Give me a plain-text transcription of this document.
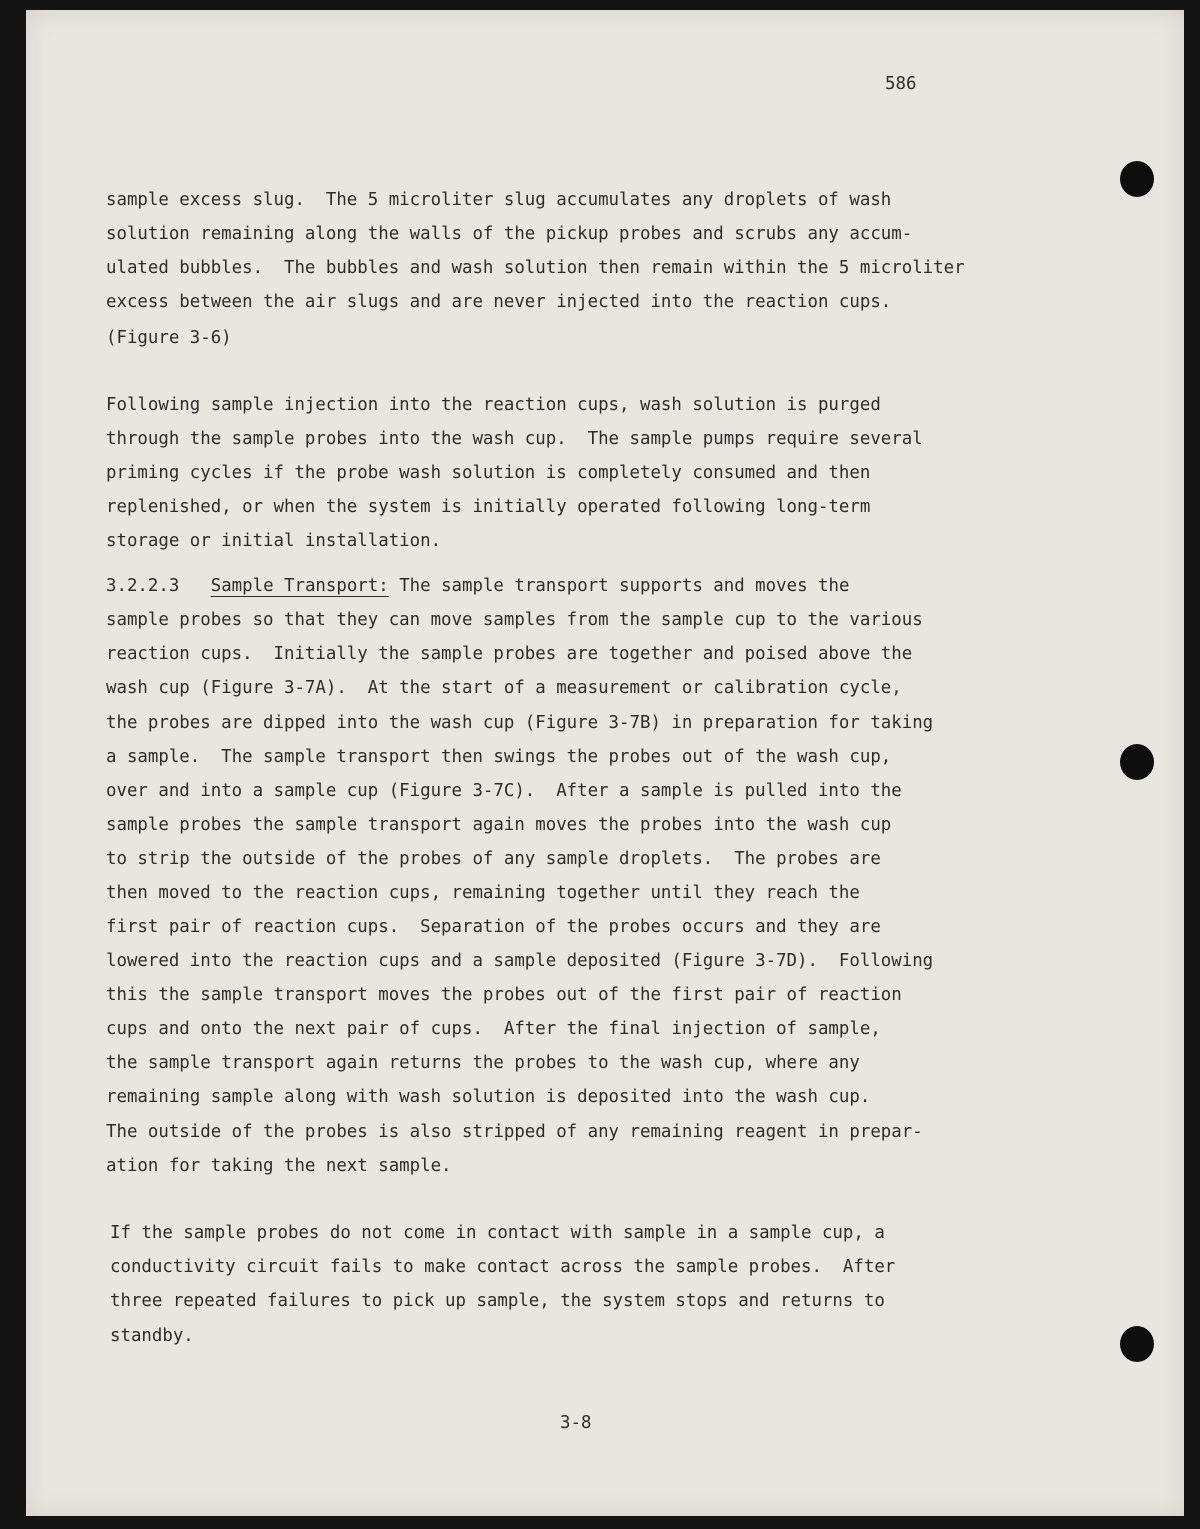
586
sample excess slug.  The 5 microliter slug accumulates any droplets of wash
solution remaining along the walls of the pickup probes and scrubs any accum-
ulated bubbles.  The bubbles and wash solution then remain within the 5 microliter
excess between the air slugs and are never injected into the reaction cups.
(Figure 3-6)
Following sample injection into the reaction cups, wash solution is purged
through the sample probes into the wash cup.  The sample pumps require several
priming cycles if the probe wash solution is completely consumed and then
replenished, or when the system is initially operated following long-term
storage or initial installation.
3.2.2.3 Sample Transport: The sample transport supports and moves the
sample probes so that they can move samples from the sample cup to the various
reaction cups.  Initially the sample probes are together and poised above the
wash cup (Figure 3-7A).  At the start of a measurement or calibration cycle,
the probes are dipped into the wash cup (Figure 3-7B) in preparation for taking
a sample.  The sample transport then swings the probes out of the wash cup,
over and into a sample cup (Figure 3-7C).  After a sample is pulled into the
sample probes the sample transport again moves the probes into the wash cup
to strip the outside of the probes of any sample droplets.  The probes are
then moved to the reaction cups, remaining together until they reach the
first pair of reaction cups.  Separation of the probes occurs and they are
lowered into the reaction cups and a sample deposited (Figure 3-7D).  Following
this the sample transport moves the probes out of the first pair of reaction
cups and onto the next pair of cups.  After the final injection of sample,
the sample transport again returns the probes to the wash cup, where any
remaining sample along with wash solution is deposited into the wash cup.
The outside of the probes is also stripped of any remaining reagent in prepar-
ation for taking the next sample.
If the sample probes do not come in contact with sample in a sample cup, a
conductivity circuit fails to make contact across the sample probes.  After
three repeated failures to pick up sample, the system stops and returns to
standby.
3-8
